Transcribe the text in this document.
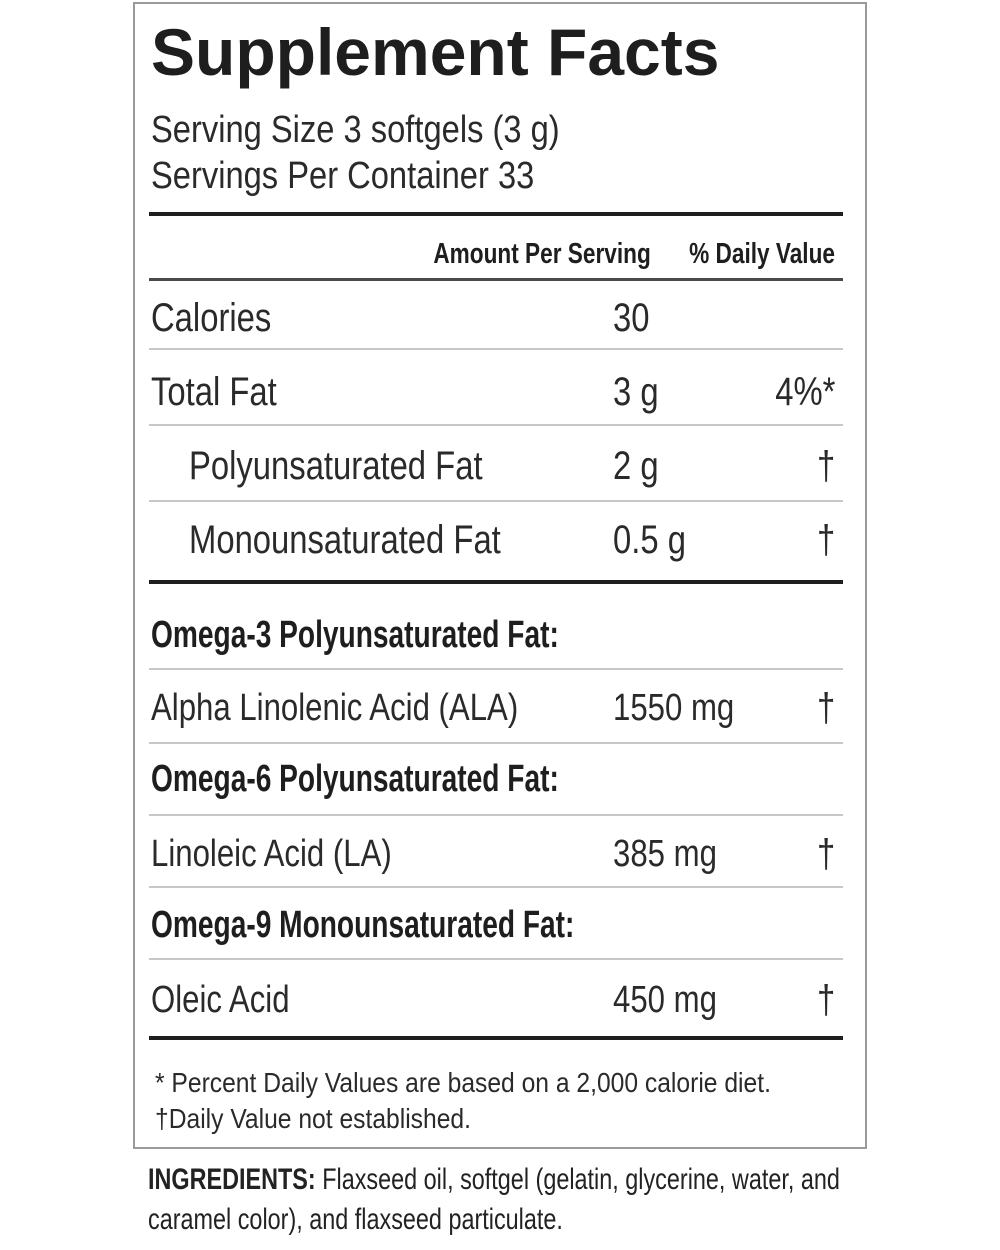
Supplement Facts
Serving Size 3 softgels (3 g)
Servings Per Container 33
Amount Per Serving % Daily Value
Calories	30
Total Fat	3 g	4%*
Polyunsaturated Fat	2 g	†
Monounsaturated Fat	0.5 g	†
Omega-3 Polyunsaturated Fat:
Alpha Linolenic Acid (ALA) 1550 mg †
Omega-6 Polyunsaturated Fat:
Linoleic Acid (LA)	385 mg †
Omega-9 Monounsaturated Fat:
Oleic Acid	450 mg †
* Percent Daily Values are based on a 2,000 calorie diet.
†Daily Value not established.
INGREDIENTS: Flaxseed oil, softgel (gelatin, glycerine, water, and
caramel color), and flaxseed particulate.
